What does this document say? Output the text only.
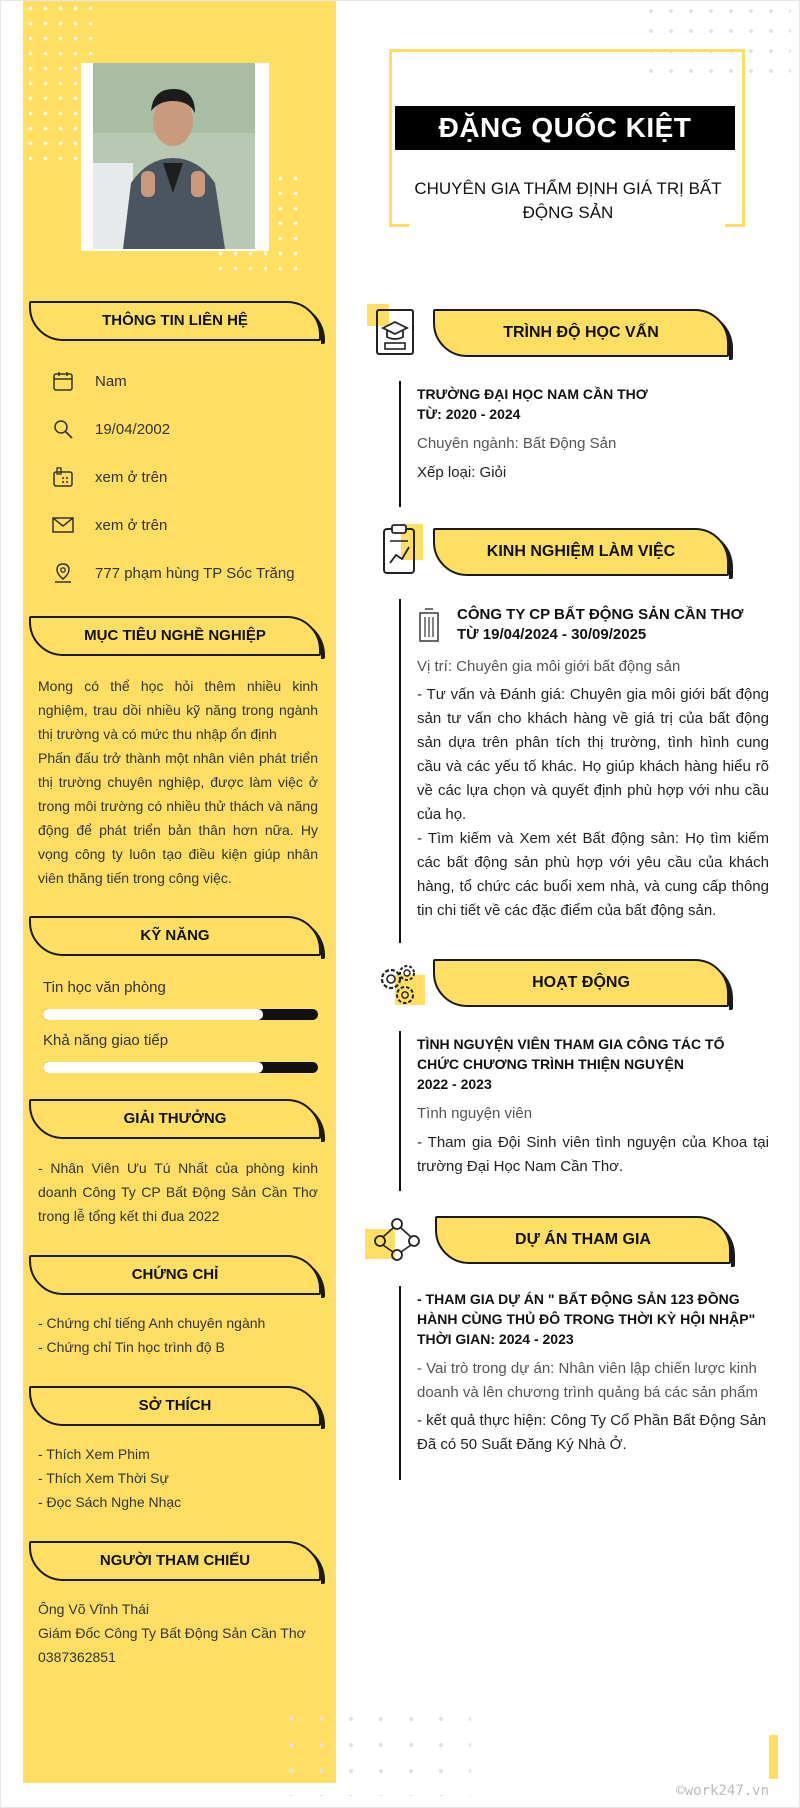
THÔNG TIN LIÊN HỆ
Nam
19/04/2002
xem ở trên
xem ở trên
777 phạm hùng TP Sóc Trăng
MỤC TIÊU NGHỀ NGHIỆP
Mong có thể học hỏi thêm nhiều kinh nghiệm, trau dồi nhiều kỹ năng trong ngành thị trường và có mức thu nhập ổn định
Phấn đấu trở thành một nhân viên phát triển thị trường chuyên nghiệp, được làm việc ở trong môi trường có nhiều thử thách và năng động để phát triển bản thân hơn nữa. Hy vọng công ty luôn tạo điều kiện giúp nhân viên thăng tiến trong công việc.
KỸ NĂNG
Tin học văn phòng
Khả năng giao tiếp
GIẢI THƯỞNG
- Nhân Viên Ưu Tú Nhất của phòng kinh doanh Công Ty CP Bất Động Sản Cần Thơ trong lễ tổng kết thi đua 2022
CHỨNG CHỈ
- Chứng chỉ tiếng Anh chuyên ngành
- Chứng chỉ Tin học trình độ B
SỞ THÍCH
- Thích Xem Phim
- Thích Xem Thời Sự
- Đọc Sách Nghe Nhạc
NGƯỜI THAM CHIẾU
Ông Võ Vĩnh Thái
Giám Đốc Công Ty Bất Động Sản Cần Thơ
0387362851
ĐẶNG QUỐC KIỆT
CHUYÊN GIA THẨM ĐỊNH GIÁ TRỊ BẤT ĐỘNG SẢN
TRÌNH ĐỘ HỌC VẤN
TRƯỜNG ĐẠI HỌC NAM CẦN THƠ
TỪ: 2020 - 2024
Chuyên ngành: Bất Động Sản
Xếp loại: Giỏi
KINH NGHIỆM LÀM VIỆC
CÔNG TY CP BẤT ĐỘNG SẢN CẦN THƠ
TỪ 19/04/2024 - 30/09/2025
Vị trí: Chuyên gia môi giới bất động sản
- Tư vấn và Đánh giá: Chuyên gia môi giới bất động sản tư vấn cho khách hàng về giá trị của bất động sản dựa trên phân tích thị trường, tình hình cung cầu và các yếu tố khác. Họ giúp khách hàng hiểu rõ về các lựa chọn và quyết định phù hợp với nhu cầu của họ.
- Tìm kiếm và Xem xét Bất động sản: Họ tìm kiếm các bất động sản phù hợp với yêu cầu của khách hàng, tổ chức các buổi xem nhà, và cung cấp thông tin chi tiết về các đặc điểm của bất động sản.
HOẠT ĐỘNG
TÌNH NGUYỆN VIÊN THAM GIA CÔNG TÁC TỔ CHỨC CHƯƠNG TRÌNH THIỆN NGUYỆN
2022 - 2023
Tình nguyện viên
- Tham gia Đội Sinh viên tình nguyện của Khoa tại trường Đại Học Nam Cần Thơ.
DỰ ÁN THAM GIA
- THAM GIA DỰ ÁN " BẤT ĐỘNG SẢN 123 ĐỒNG HÀNH CÙNG THỦ ĐÔ TRONG THỜI KỲ HỘI NHẬP"
THỜI GIAN: 2024 - 2023
- Vai trò trong dự án: Nhân viên lập chiến lược kinh doanh và lên chương trình quảng bá các sản phẩm
- kết quả thực hiện: Công Ty Cổ Phần Bất Động Sản Đã có 50 Suất Đăng Ký Nhà Ở.
©work247.vn
